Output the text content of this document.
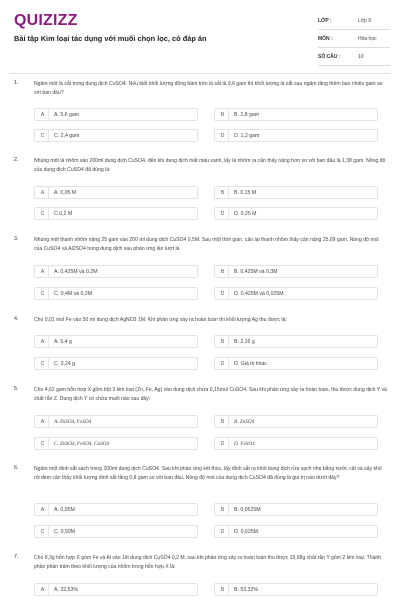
QUIZIZZ
Bài tập Kim loại tác dụng với muối chọn lọc, có đáp án
LỚP :	Lớp 9
MÔN :	Hóa học
SỐ CÂU :	10
1.	Ngâm một lá sắt trong dung dịch CuSO4. Nếu biết khối lượng đồng bám trên lá sắt là 9,6 gam thì khối lượng lá sắt sau ngâm tăng thêm bao nhiêu gam so với ban đầu?
A	A. 5,6 gam	B	B. 2,8 gam
C	C. 2,4 gam	D	D. 1,2 gam
2.	Nhúng một lá nhôm vào 200ml dung dịch CuSO4, đến khi dung dịch mất màu xanh, lấy lá nhôm ra cân thấy nặng hơn so với ban đầu là 1,38 gam. Nồng độ của dung dịch CuSO4 đã dùng là:
A	A. 0,05 M	B	B. 0,15 M
C	C.0,2 M	D	D. 0,25 M
3.	Nhúng một thanh nhôm nặng 25 gam vào 200 ml dung dịch CuSO4 0,5M. Sau một thời gian, cân lại thanh nhôm thấy cân nặng 25,69 gam. Nồng độ mol của CuSO4 và Al2SO4 trong dung dịch sau phản ứng lần lượt là
A	A. 0,425M và 0,2M	B	B. 0,425M và 0,3M
C	C. 0,4M và 0,2M	D	D. 0,425M và 0,025M.
4.	Cho 0,01 mol Fe vào 50 ml dung dịch AgNO3 1M. Khi phản ứng xảy ra hoàn toàn thì khối lượng Ag thu được là:
A	A. 5,4 g	B	B. 2,16 g
C	C. 3,24 g	D	D. Giá trị khác
5.	Cho 4,62 gam hỗn hợp X gồm bột 3 kim loại (Zn, Fe, Ag) vào dung dịch chứa 0,15mol CuSO4. Sau khi phản ứng xảy ra hoàn toàn, thu được dung dịch Y và chất rắn Z. Dung dịch Y có chứa muối nào sau đây:
A	A. ZnSO4, FeSO4	B	B. ZnSO4
C	C. ZnSO4, FeSO4, CuSO4	D	D. FeSO4
6.	Ngâm một đinh sắt sạch trong 200ml dung dịch CuSO4. Sau khi phản ứng kết thúc, lấy đinh sắt ra khỏi dung dịch rửa sạch nhẹ bằng nước cất và sấy khô rồi đem cân thấy khối lượng đinh sắt tăng 0,8 gam so với ban đầu. Nồng độ mol của dung dịch CuSO4 đã dùng là giá trị nào dưới đây?
A	A. 0,05M	B	B. 0,0625M
C	C. 0,50M	D	D. 0,625M.
7.	Cho 8,3g hỗn hợp X gồm Fe và Al vào 1lít dung dịch CuSO4 0,2 M, sau khi phản ứng xảy ra hoàn toàn thu được 15,68g chất rắn Y gồm 2 kim loại. Thành phần phần trăm theo khối lượng của nhôm trong hỗn hợp X là:
A	A. 32,53%	B	B. 53,32%
